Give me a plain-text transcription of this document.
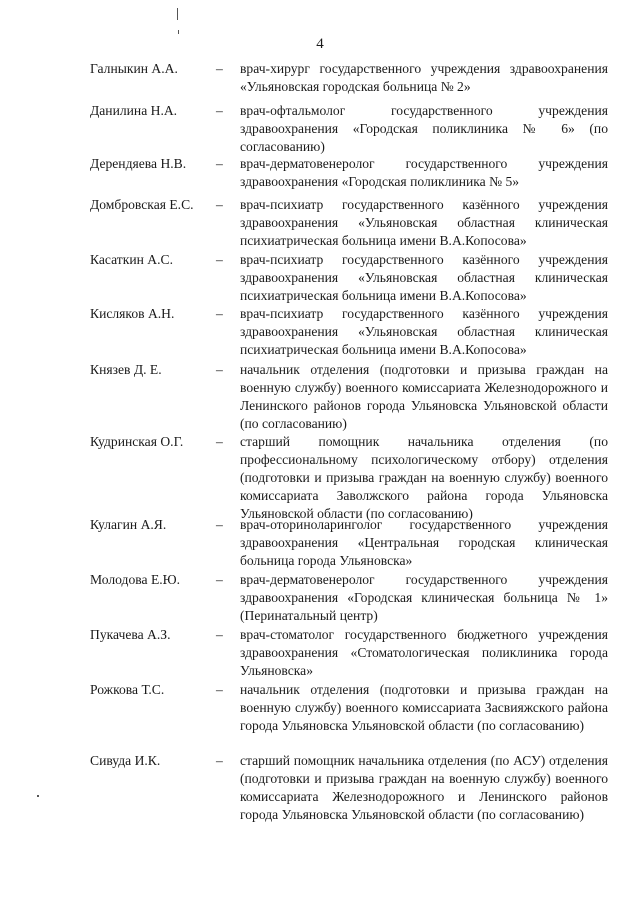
4
Галныкин А.А.	– врач-хирург государственного учреждения здравоохранения «Ульяновская городская больница № 2»
Данилина Н.А.	– врач-офтальмолог государственного учреждения здравоохранения «Городская поликлиника № 6» (по согласованию)
Дерендяева Н.В. – врач-дерматовенеролог государственного учреждения здравоохранения «Городская поликлиника № 5»
Домбровская Е.С. – врач-психиатр государственного казённого учреждения здравоохранения «Ульяновская областная клиническая психиатрическая больница имени В.А.Копосова»
Касаткин А.С.	– врач-психиатр государственного казённого учреждения здравоохранения «Ульяновская областная клиническая психиатрическая больница имени В.А.Копосова»
Кисляков А.Н.	– врач-психиатр государственного казённого учреждения здравоохранения «Ульяновская областная клиническая психиатрическая больница имени В.А.Копосова»
Князев Д. Е.	– начальник отделения (подготовки и призыва граждан на военную службу) военного комиссариата Железнодорожного и Ленинского районов города Ульяновска Ульяновской области (по согласованию)
Кудринская О.Г. – старший помощник начальника отделения (по профессиональному психологическому отбору) отделения (подготовки и призыва граждан на военную службу) военного комиссариата Заволжского района города Ульяновска Ульяновской области (по согласованию)
Кулагин А.Я.	– врач-оториноларинголог государственного учреждения здравоохранения «Центральная городская клиническая больница города Ульяновска»
Молодова Е.Ю.	– врач-дерматовенеролог государственного учреждения здравоохранения «Городская клиническая больница № 1» (Перинатальный центр)
Пукачева А.З.	– врач-стоматолог государственного бюджетного учреждения здравоохранения «Стоматологическая поликлиника города Ульяновска»
Рожкова Т.С.	– начальник отделения (подготовки и призыва граждан на военную службу) военного комиссариата Засвияжского района города Ульяновска Ульяновской области (по согласованию)
Сивуда И.К.	– старший помощник начальника отделения (по АСУ) отделения (подготовки и призыва граждан на военную службу) военного комиссариата Железнодорожного и Ленинского районов города Ульяновска Ульяновской области (по согласованию)
